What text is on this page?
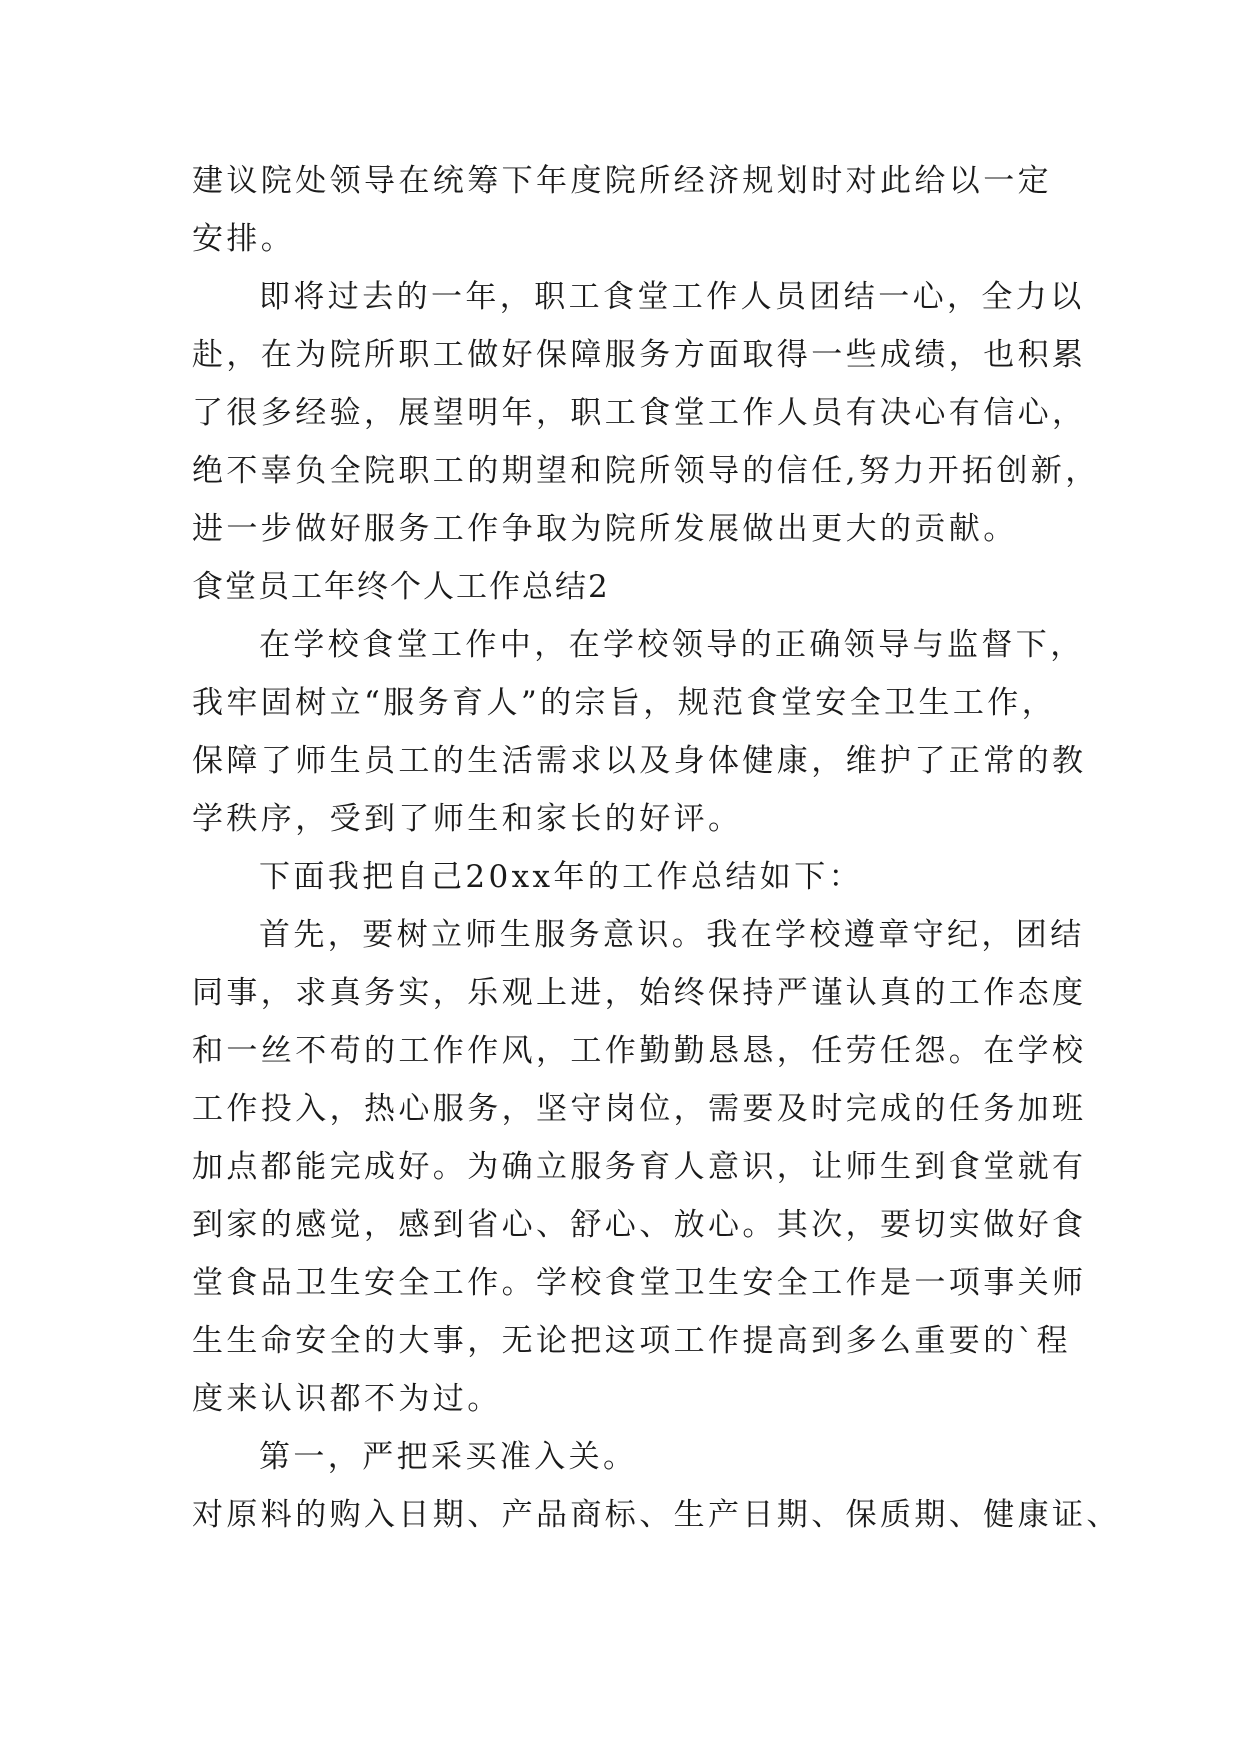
建议院处领导在统筹下年度院所经济规划时对此给以一定

安排。

即将过去的一年，职工食堂工作人员团结一心，全力以

赴，在为院所职工做好保障服务方面取得一些成绩，也积累

了很多经验，展望明年，职工食堂工作人员有决心有信心，

绝不辜负全院职工的期望和院所领导的信任,努力开拓创新，

进一步做好服务工作争取为院所发展做出更大的贡献。

食堂员工年终个人工作总结2

在学校食堂工作中，在学校领导的正确领导与监督下，

我牢固树立“服务育人”的宗旨，规范食堂安全卫生工作，

保障了师生员工的生活需求以及身体健康，维护了正常的教

学秩序，受到了师生和家长的好评。

下面我把自己20xx年的工作总结如下：

首先，要树立师生服务意识。我在学校遵章守纪，团结

同事，求真务实，乐观上进，始终保持严谨认真的工作态度

和一丝不苟的工作作风，工作勤勤恳恳，任劳任怨。在学校

工作投入，热心服务，坚守岗位，需要及时完成的任务加班

加点都能完成好。为确立服务育人意识，让师生到食堂就有

到家的感觉，感到省心、舒心、放心。其次，要切实做好食

堂食品卫生安全工作。学校食堂卫生安全工作是一项事关师

生生命安全的大事，无论把这项工作提高到多么重要的`程

度来认识都不为过。

第一，严把采买准入关。

对原料的购入日期、产品商标、生产日期、保质期、健康证、
